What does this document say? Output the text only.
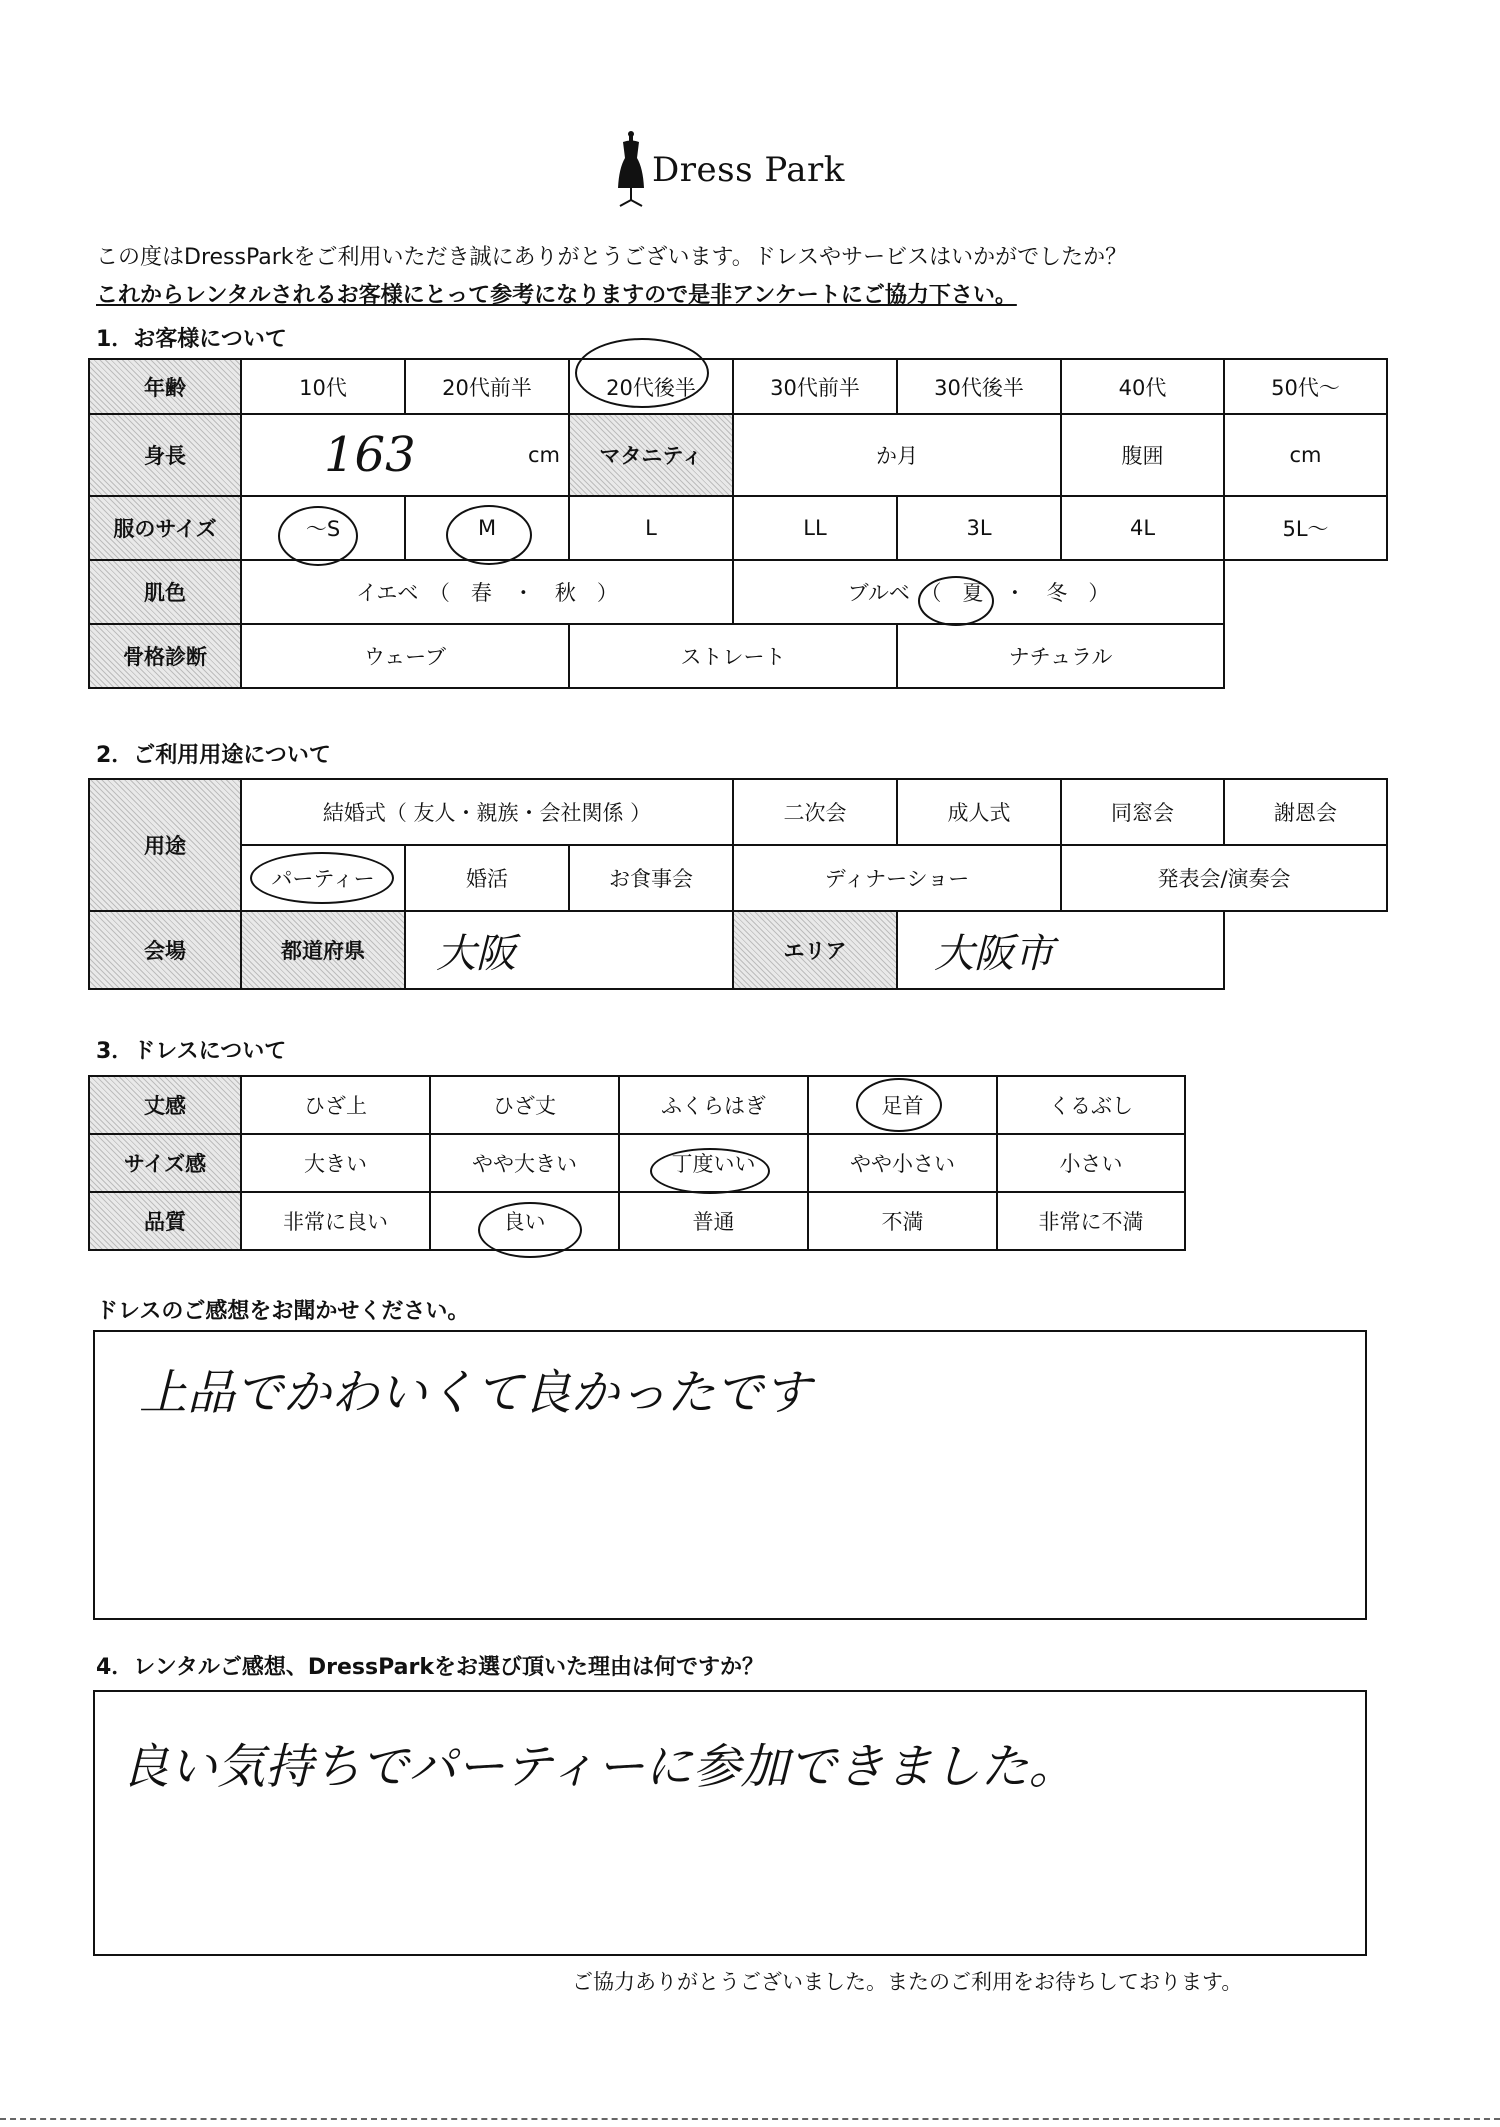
Dress Park
この度はDressParkをご利用いただき誠にありがとうございます。ドレスやサービスはいかがでしたか？
これからレンタルされるお客様にとって参考になりますので是非アンケートにご協力下さい。
1．お客様について
年齢	10代	20代前半	20代後半	30代前半	30代後半	40代	50代～
身長	163 cm		マタニティ	か月		腹囲	cm
服のサイズ	～S	M	L	LL	3L	4L	5L～
肌色	イエベ　（　春　・　秋　）			ブルベ　（　夏　・　冬　）			
骨格診断	ウェーブ		ストレート		ナチュラル		
2．ご利用用途について
用途	結婚式（ 友人・親族・会社関係 ）			二次会	成人式	同窓会	謝恩会
	パーティー	婚活	お食事会	ディナーショー		発表会/演奏会	
会場	都道府県	大阪		エリア	大阪市		
3．ドレスについて
丈感	ひざ上	ひざ丈	ふくらはぎ	足首	くるぶし
サイズ感	大きい	やや大きい	丁度いい	やや小さい	小さい
品質	非常に良い	良い	普通	不満	非常に不満
ドレスのご感想をお聞かせください。
上品でかわいくて良かったです
4．レンタルご感想、DressParkをお選び頂いた理由は何ですか？
良い気持ちでパーティーに参加できました。
ご協力ありがとうございました。またのご利用をお待ちしております。
